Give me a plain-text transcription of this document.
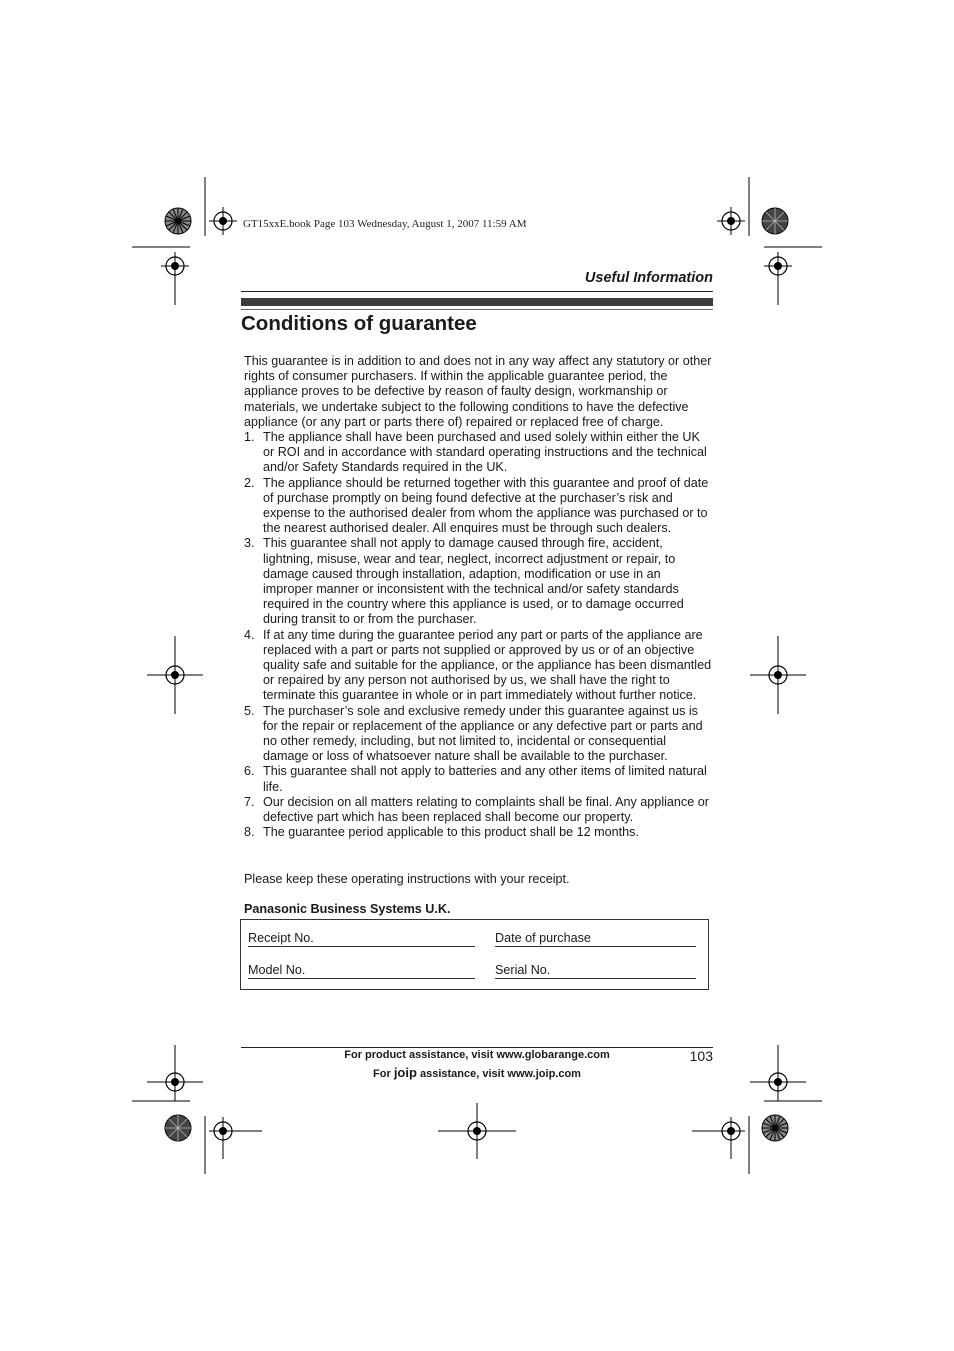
GT15xxE.book Page 103 Wednesday, August 1, 2007 11:59 AM
Useful Information
Conditions of guarantee

This guarantee is in addition to and does not in any way affect any statutory or other rights of consumer purchasers. If within the applicable guarantee period, the appliance proves to be defective by reason of faulty design, workmanship or materials, we undertake subject to the following conditions to have the defective appliance (or any part or parts there of) repaired or replaced free of charge.

1. The appliance shall have been purchased and used solely within either the UK or ROI and in accordance with standard operating instructions and the technical and/or Safety Standards required in the UK.
2. The appliance should be returned together with this guarantee and proof of date of purchase promptly on being found defective at the purchaser’s risk and expense to the authorised dealer from whom the appliance was purchased or to the nearest authorised dealer. All enquires must be through such dealers.
3. This guarantee shall not apply to damage caused through fire, accident, lightning, misuse, wear and tear, neglect, incorrect adjustment or repair, to damage caused through installation, adaption, modification or use in an improper manner or inconsistent with the technical and/or safety standards required in the country where this appliance is used, or to damage occurred during transit to or from the purchaser.
4. If at any time during the guarantee period any part or parts of the appliance are replaced with a part or parts not supplied or approved by us or of an objective quality safe and suitable for the appliance, or the appliance has been dismantled or repaired by any person not authorised by us, we shall have the right to terminate this guarantee in whole or in part immediately without further notice.
5. The purchaser’s sole and exclusive remedy under this guarantee against us is for the repair or replacement of the appliance or any defective part or parts and no other remedy, including, but not limited to, incidental or consequential damage or loss of whatsoever nature shall be available to the purchaser.
6. This guarantee shall not apply to batteries and any other items of limited natural life.
7. Our decision on all matters relating to complaints shall be final. Any appliance or defective part which has been replaced shall become our property.
8. The guarantee period applicable to this product shall be 12 months.
Please keep these operating instructions with your receipt.
Panasonic Business Systems U.K.
Receipt No.	Date of purchase
Model No.	Serial No.
For product assistance, visit www.globarange.com
For joip assistance, visit www.joip.com
103
